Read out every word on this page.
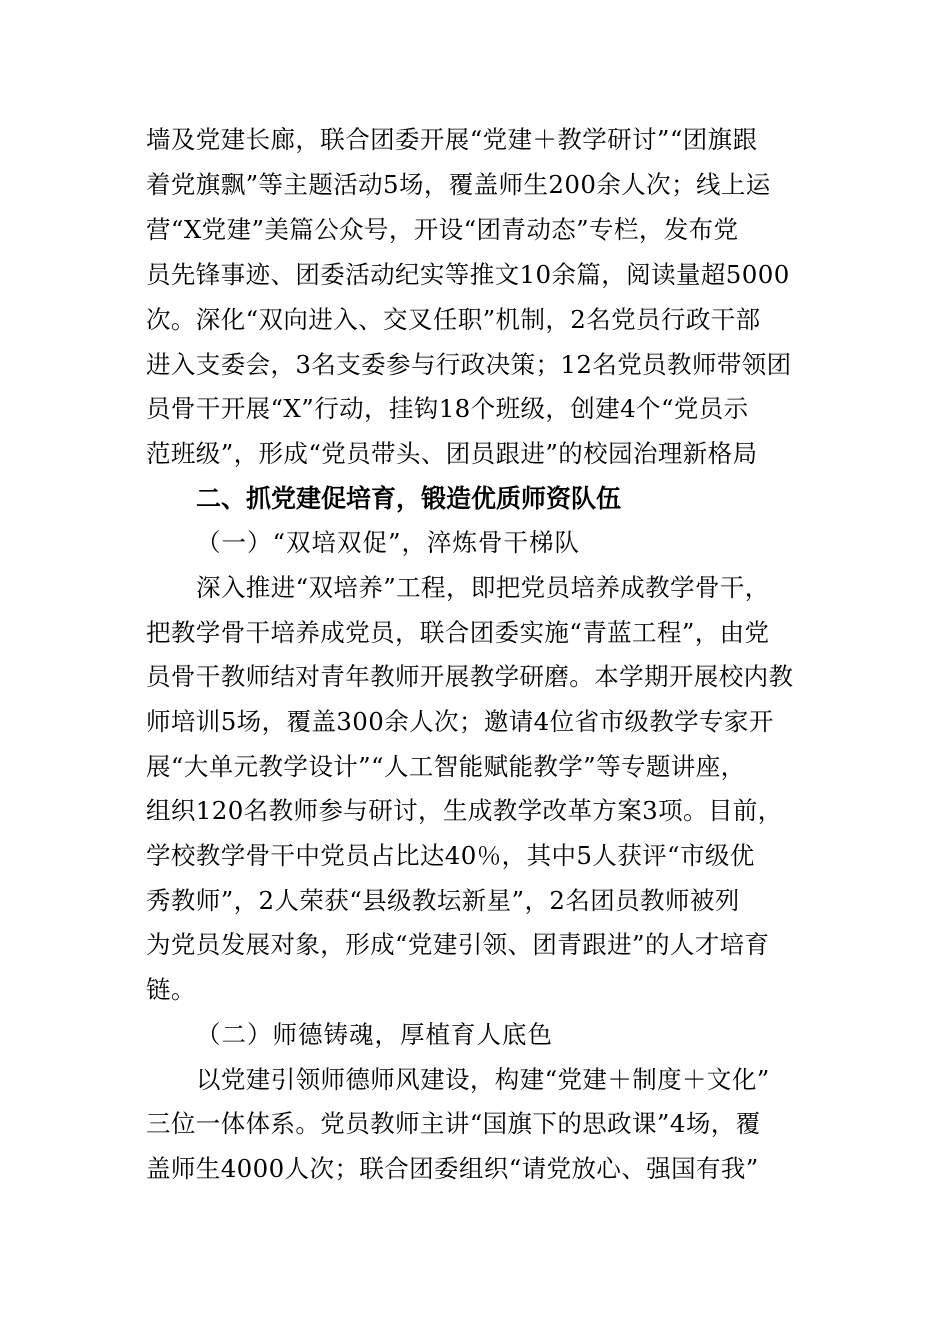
墙及党建长廊，联合团委开展“党建＋教学研讨”“团旗跟
着党旗飘”等主题活动5场，覆盖师生200余人次；线上运
营“X党建”美篇公众号，开设“团青动态”专栏，发布党
员先锋事迹、团委活动纪实等推文10余篇，阅读量超5000
次。深化“双向进入、交叉任职”机制，2名党员行政干部
进入支委会，3名支委参与行政决策；12名党员教师带领团
员骨干开展“X”行动，挂钩18个班级，创建4个“党员示
范班级”，形成“党员带头、团员跟进”的校园治理新格局
二、抓党建促培育，锻造优质师资队伍
（一）“双培双促”，淬炼骨干梯队
深入推进“双培养”工程，即把党员培养成教学骨干，
把教学骨干培养成党员，联合团委实施“青蓝工程”，由党
员骨干教师结对青年教师开展教学研磨。本学期开展校内教
师培训5场，覆盖300余人次；邀请4位省市级教学专家开
展“大单元教学设计”“人工智能赋能教学”等专题讲座，
组织120名教师参与研讨，生成教学改革方案3项。目前，
学校教学骨干中党员占比达40％，其中5人获评“市级优
秀教师”，2人荣获“县级教坛新星”，2名团员教师被列
为党员发展对象，形成“党建引领、团青跟进”的人才培育
链。
（二）师德铸魂，厚植育人底色
以党建引领师德师风建设，构建“党建＋制度＋文化”
三位一体体系。党员教师主讲“国旗下的思政课”4场，覆
盖师生4000人次；联合团委组织“请党放心、强国有我”
